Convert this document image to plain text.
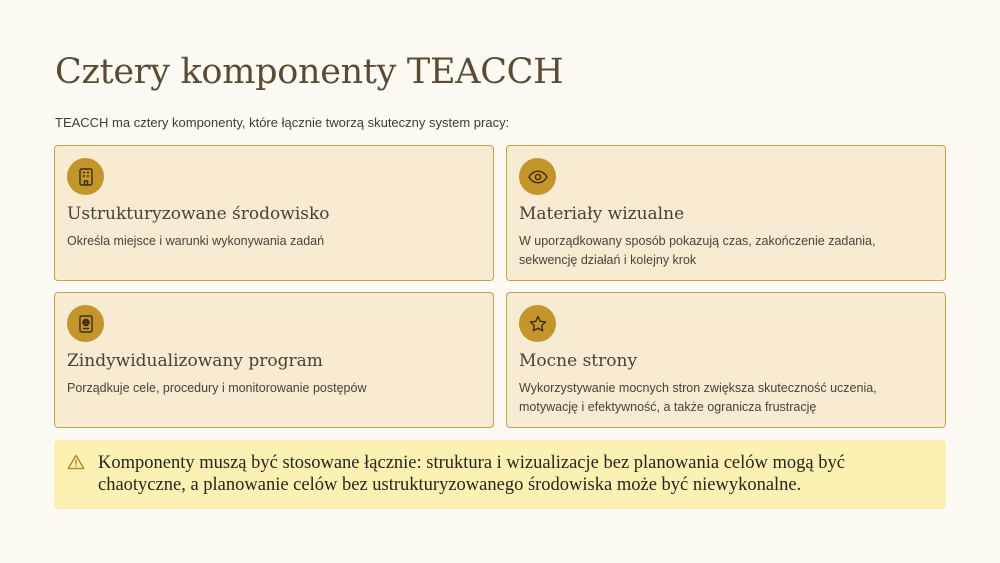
Cztery komponenty TEACCH
TEACCH ma cztery komponenty, które łącznie tworzą skuteczny system pracy:
Ustrukturyzowane środowisko
Określa miejsce i warunki wykonywania zadań
Materiały wizualne
W uporządkowany sposób pokazują czas, zakończenie zadania, sekwencję działań i kolejny krok
Zindywidualizowany program
Porządkuje cele, procedury i monitorowanie postępów
Mocne strony
Wykorzystywanie mocnych stron zwiększa skuteczność uczenia, motywację i efektywność, a także ogranicza frustrację
Komponenty muszą być stosowane łącznie: struktura i wizualizacje bez planowania celów mogą być chaotyczne, a planowanie celów bez ustrukturyzowanego środowiska może być niewykonalne.
